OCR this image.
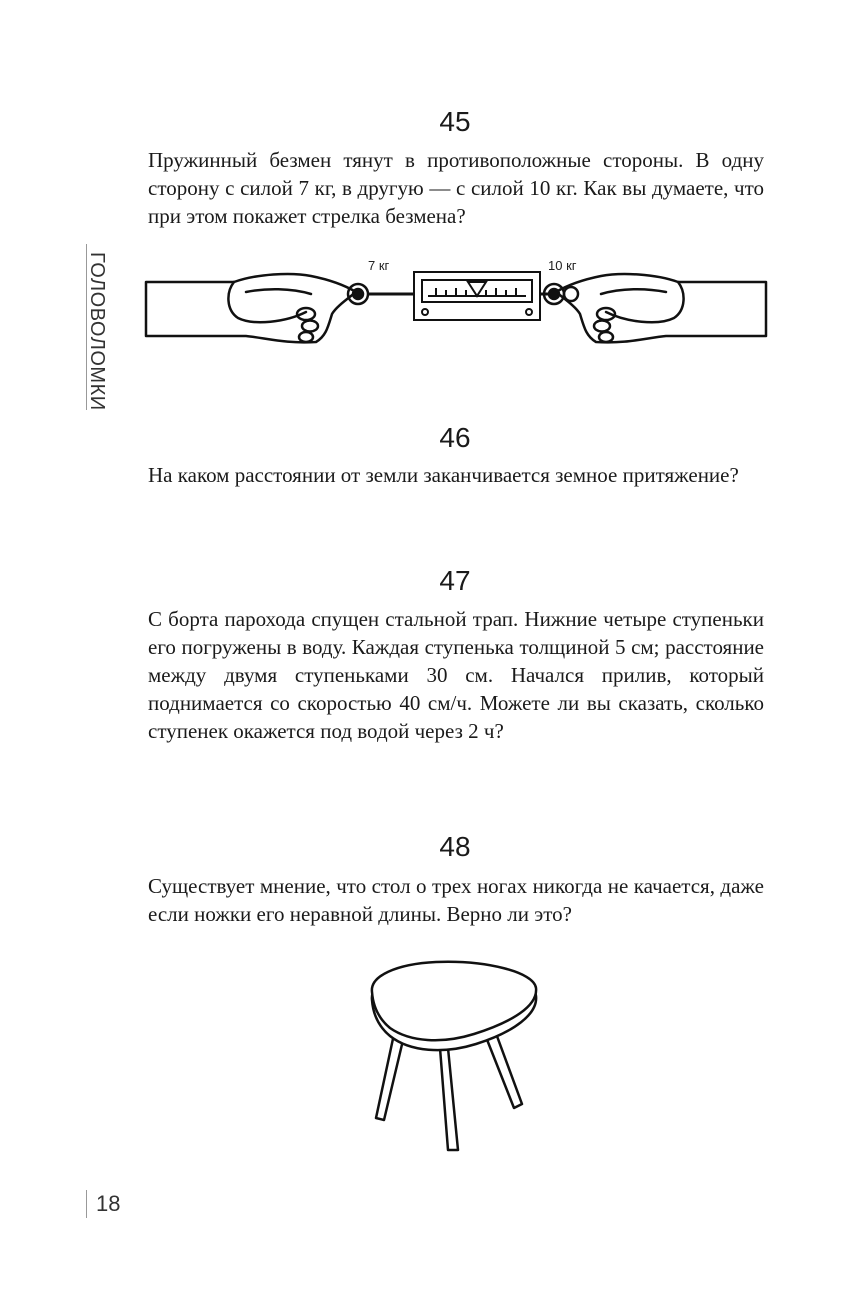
ГОЛОВОЛОМКИ
45

Пружинный безмен тянут в противоположные стороны. В одну сторону с силой 7 кг, в другую — с силой 10 кг. Как вы думаете, что при этом покажет стрелка безмена?

7 кг	10 кг
46

На каком расстоянии от земли заканчивается земное притяжение?

47

С борта парохода спущен стальной трап. Нижние четыре ступеньки его погружены в воду. Каждая ступенька толщиной 5 см; расстояние между двумя ступеньками 30 см. Начался прилив, который поднимается со скоростью 40 см/ч. Можете ли вы сказать, сколько ступенек окажется под водой через 2 ч?

48

Существует мнение, что стол о трех ногах никогда не качается, даже если ножки его неравной длины. Верно ли это?

18
